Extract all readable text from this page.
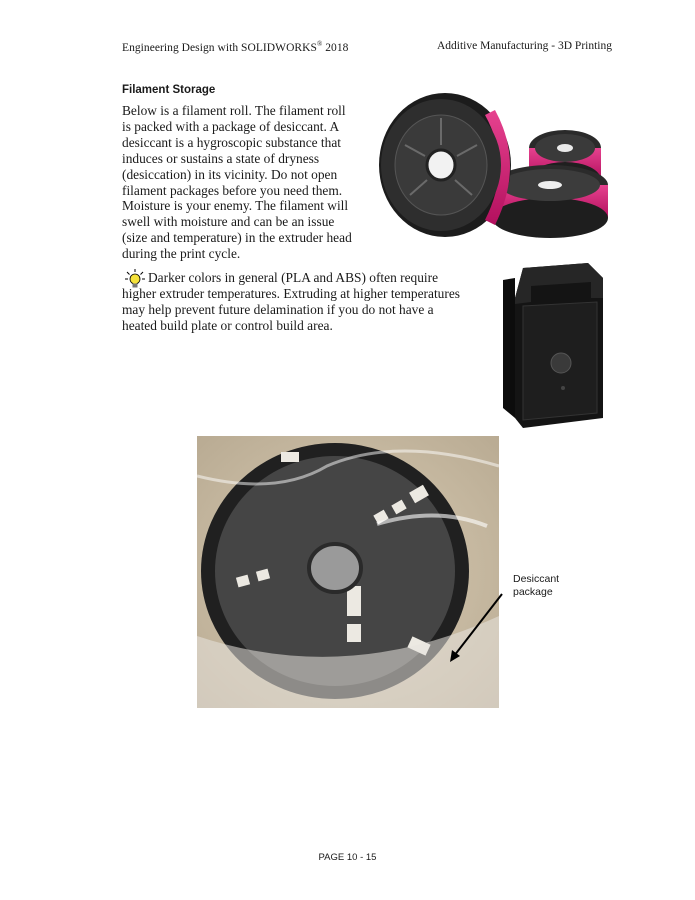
Engineering Design with SOLIDWORKS® 2018	Additive Manufacturing - 3D Printing
Filament Storage

Below is a filament roll. The filament roll
is packed with a package of desiccant. A
desiccant is a hygroscopic substance that
induces or sustains a state of dryness
(desiccation) in its vicinity. Do not open
filament packages before you need them.
Moisture is your enemy. The filament will
swell with moisture and can be an issue
(size and temperature) in the extruder head
during the print cycle.

Darker colors in general (PLA and ABS) often require
higher extruder temperatures. Extruding at higher temperatures
may help prevent future delamination if you do not have a
heated build plate or control build area.

Desiccant
package
PAGE 10 - 15
